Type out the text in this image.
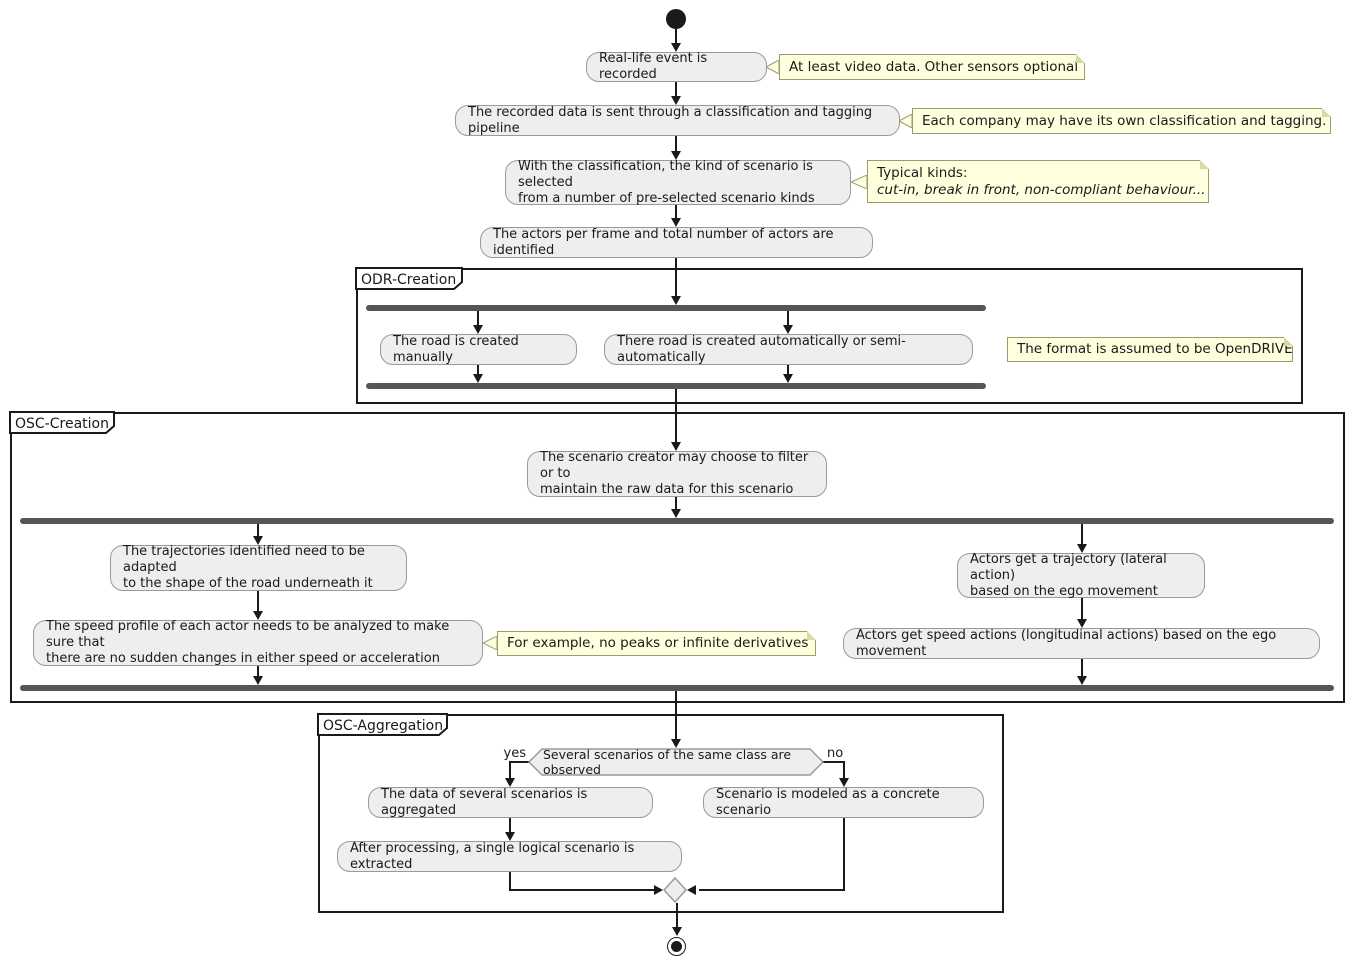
ODR-Creation
OSC-Creation
OSC-Aggregation
yes	no
Real-life event is recorded
The recorded data is sent through a classification and tagging pipeline
With the classification, the kind of scenario is selected
from a number of pre-selected scenario kinds
The actors per frame and total number of actors are identified
The road is created manually
There road is created automatically or semi-automatically
The scenario creator may choose to filter or to
maintain the raw data for this scenario
The trajectories identified need to be adapted
to the shape of the road underneath it
The speed profile of each actor needs to be analyzed to make sure that
there are no sudden changes in either speed or acceleration
Actors get a trajectory (lateral action)
based on the ego movement
Actors get speed actions (longitudinal actions) based on the ego movement
The data of several scenarios is aggregated
Scenario is modeled as a concrete scenario
After processing, a single logical scenario is extracted
Several scenarios of the same class are observed
At least video data. Other sensors optional
Each company may have its own classification and tagging.
Typical kinds:
cut-in, break in front, non-compliant behaviour...
The format is assumed to be OpenDRIVE
For example, no peaks or infinite derivatives
